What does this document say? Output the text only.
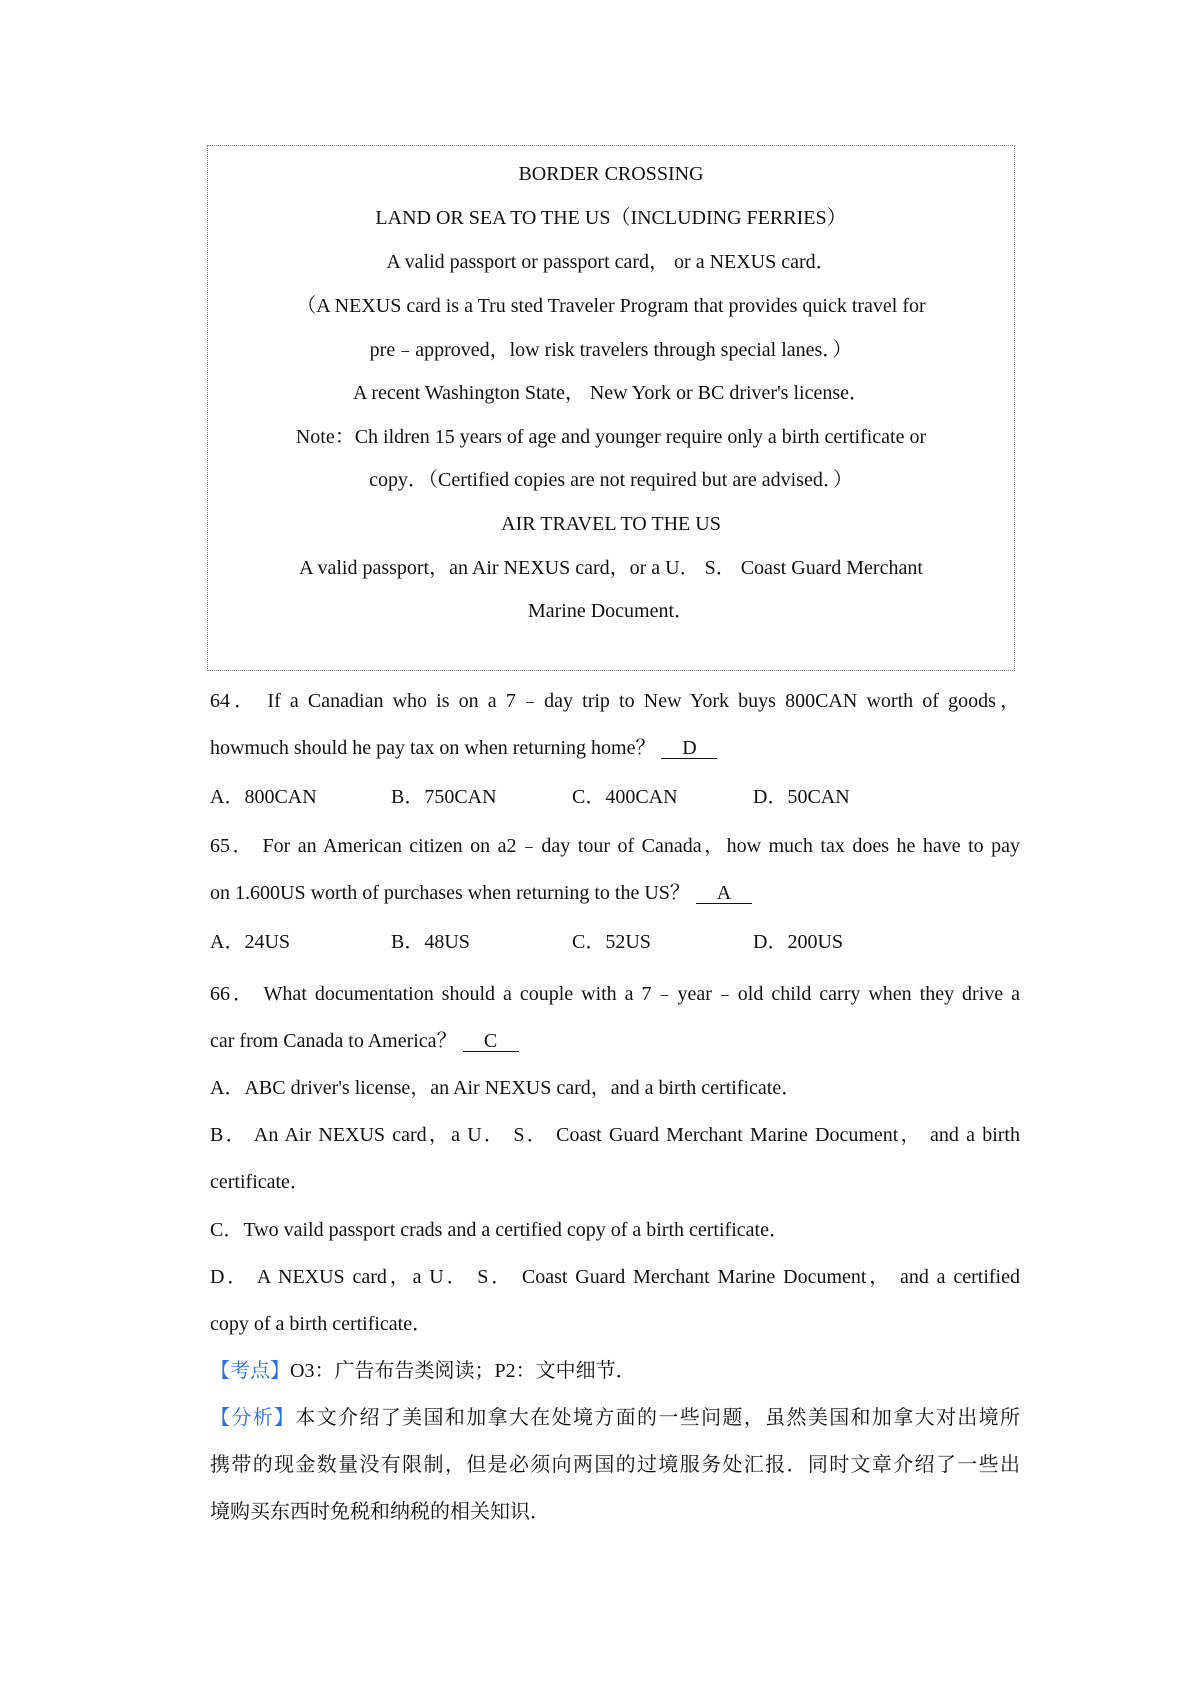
BORDER CROSSING
LAND OR SEA TO THE US（INCLUDING FERRIES）
A valid passport or passport card， or a NEXUS card．
（A NEXUS card is a Tru sted Traveler Program that provides quick travel for
pre﹣approved，low risk travelers through special lanes．）
A recent Washington State， New York or BC driver's license．
Note：Ch ildren 15 years of age and younger require only a birth certificate or
copy．（Certified copies are not required but are advised．）
AIR TRAVEL TO THE US
A valid passport，an Air NEXUS card，or a U． S． Coast Guard Merchant
Marine Document．
64． If a Canadian who is on a 7﹣day trip to New York buys 800CAN worth of goods，
howmuch should he pay tax on when returning home？ D
A．800CAN	B．750CAN	C．400CAN	D．50CAN
65． For an American citizen on a2﹣day tour of Canada，how much tax does he have to pay
on 1.600US worth of purchases when returning to the US？ A
A．24US	B．48US	C．52US	D．200US
66． What documentation should a couple with a 7﹣year﹣old child carry when they drive a
car from Canada to America？ C
A．ABC driver's license，an Air NEXUS card，and a birth certificate．
B． An Air NEXUS card，a U． S． Coast Guard Merchant Marine Document， and a birth
certificate．
C．Two vaild passport crads and a certified copy of a birth certificate．
D． A NEXUS card，a U． S． Coast Guard Merchant Marine Document， and a certified
copy of a birth certificate．
【考点】O3：广告布告类阅读；P2：文中细节．
【分析】本文介绍了美国和加拿大在处境方面的一些问题，虽然美国和加拿大对出境所
携带的现金数量没有限制，但是必须向两国的过境服务处汇报．同时文章介绍了一些出
境购买东西时免税和纳税的相关知识．
